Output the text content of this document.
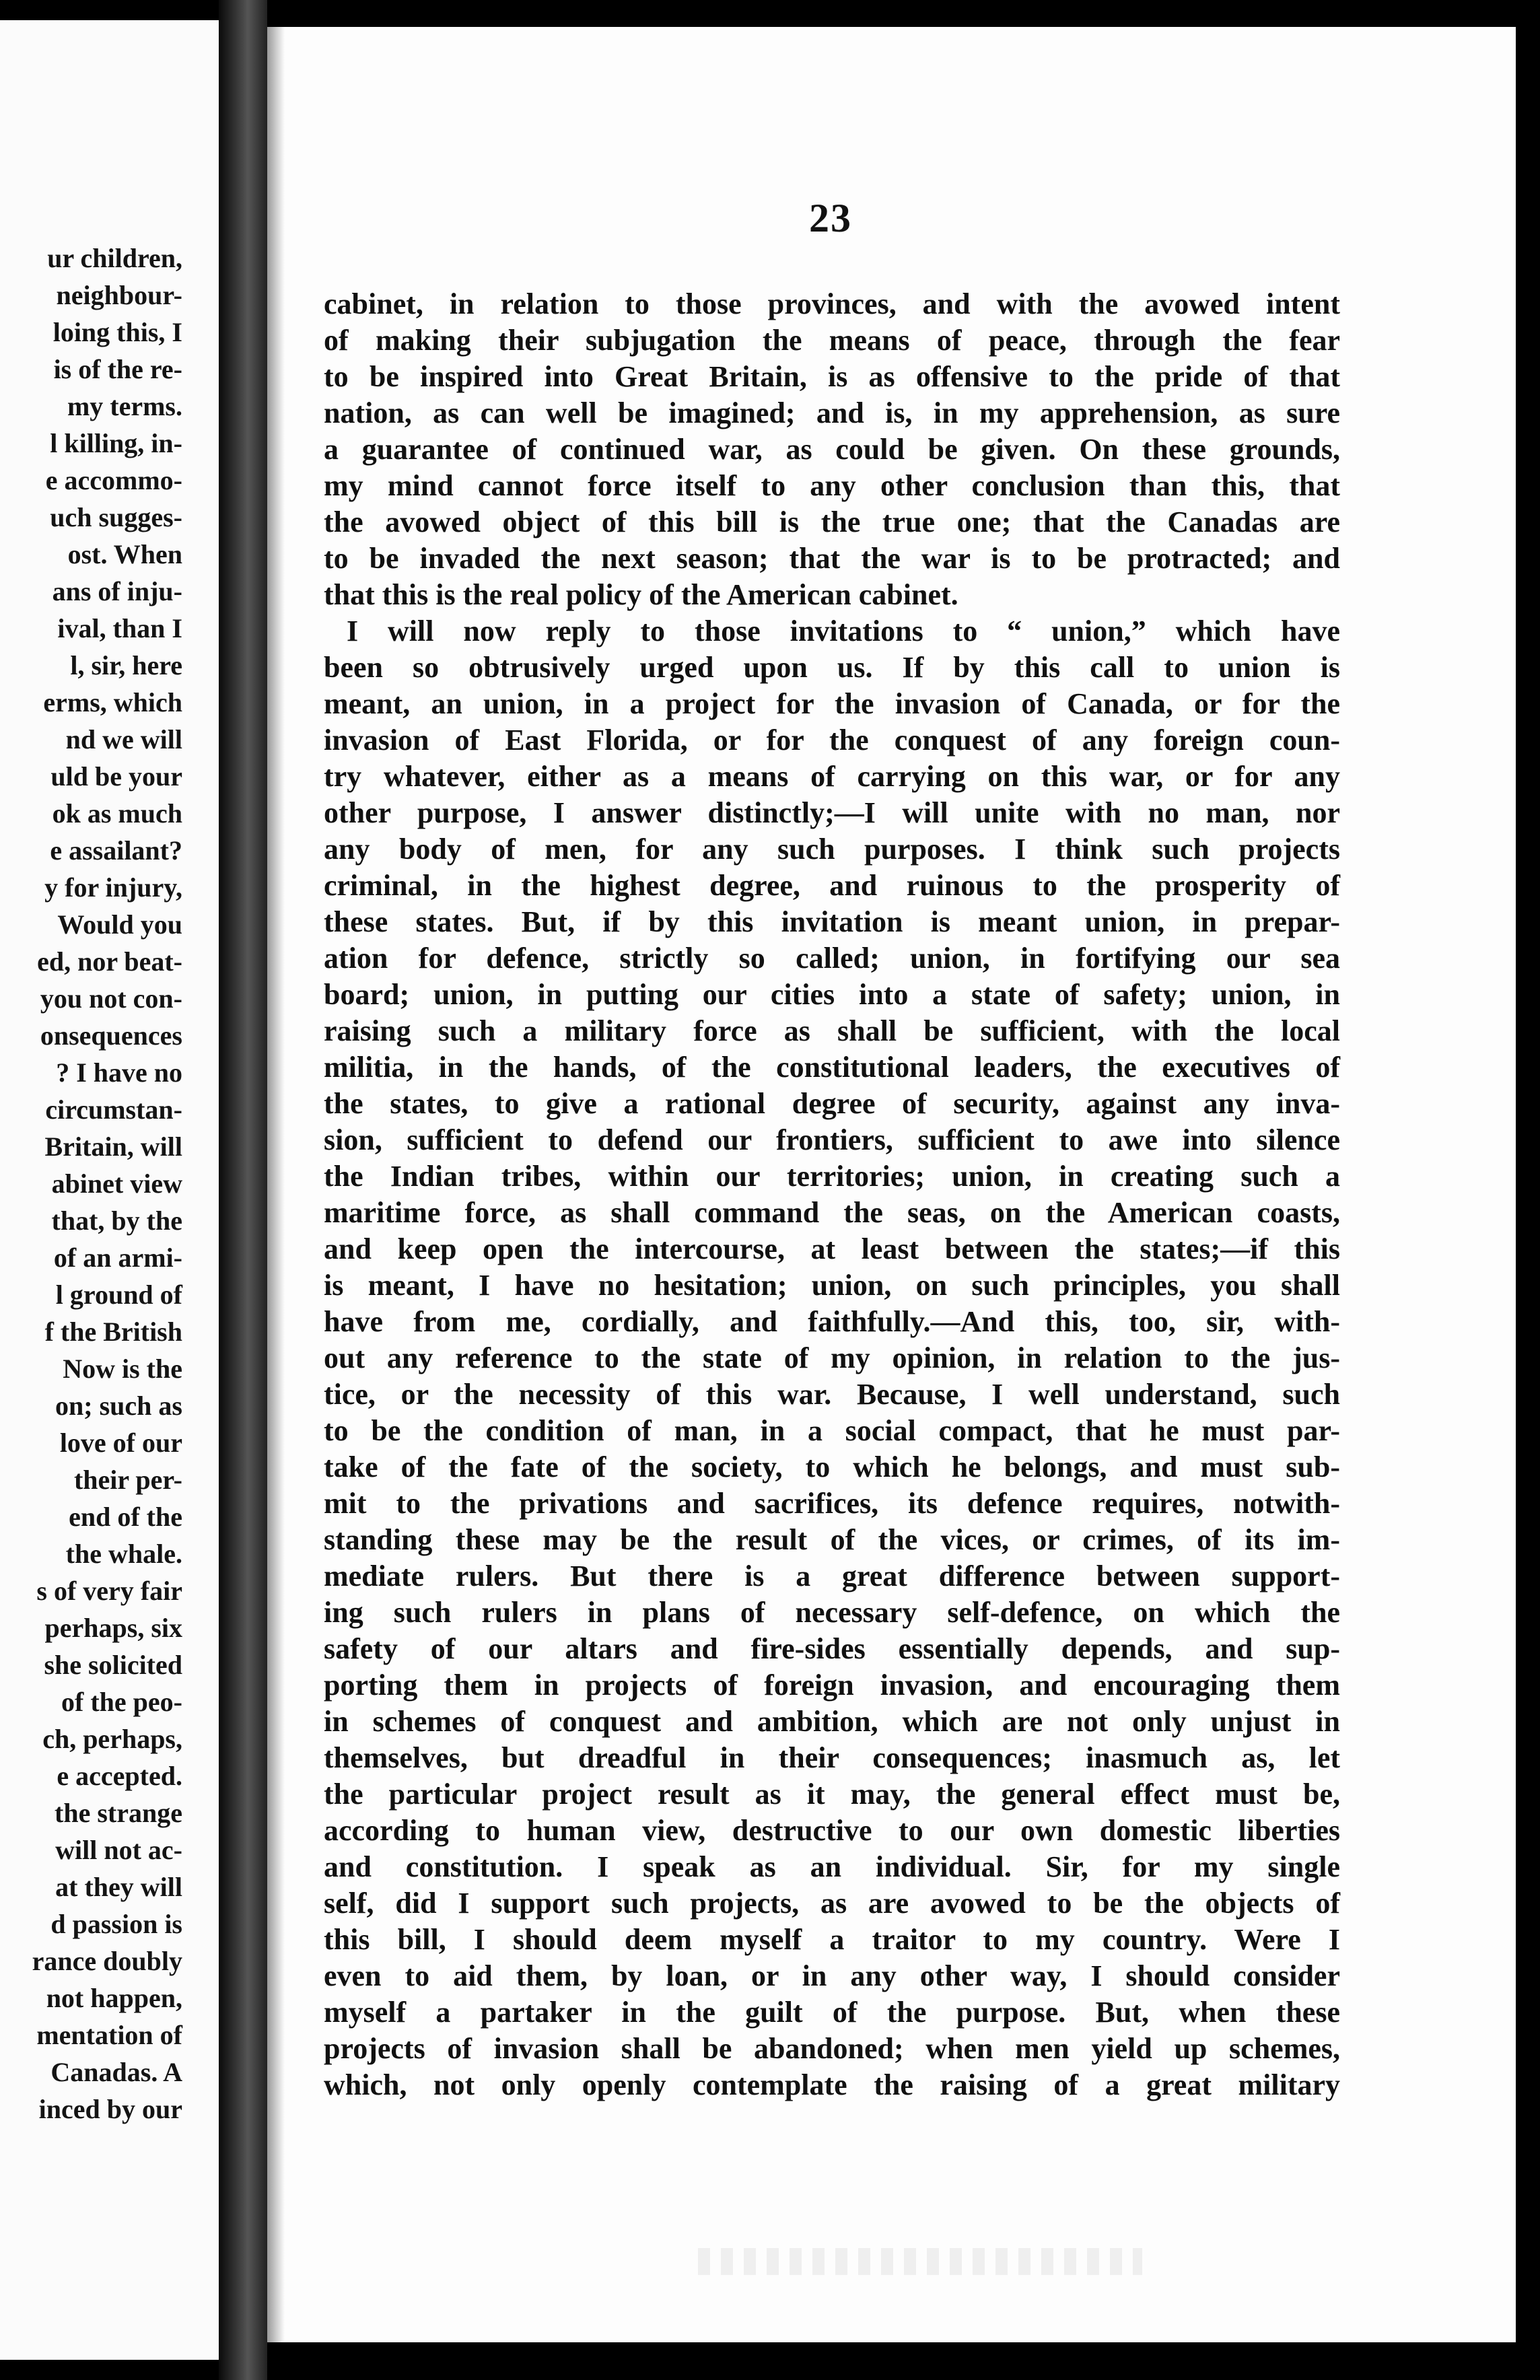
ur children,
neighbour-
loing this, I
is of the re-
my terms.
l killing, in-
e accommo-
uch sugges-
ost. When
ans of inju-
ival, than I
l, sir, here
erms, which
nd we will
uld be your
ok as much
e assailant?
y for injury,
Would you
ed, nor beat-
you not con-
onsequences
? I have no
circumstan-
Britain, will
abinet view
that, by the
of an armi-
l ground of
f the British
Now is the
on; such as
love of our
their per-
end of the
the whale.
s of very fair
perhaps, six
she solicited
of the peo-
ch, perhaps,
e accepted.
the strange
will not ac-
at they will
d passion is
rance doubly
not happen,
mentation of
Canadas. A
inced by our
23
cabinet, in relation to those provinces, and with the avowed intent
of making their subjugation the means of peace, through the fear
to be inspired into Great Britain, is as offensive to the pride of that
nation, as can well be imagined; and is, in my apprehension, as sure
a guarantee of continued war, as could be given. On these grounds,
my mind cannot force itself to any other conclusion than this, that
the avowed object of this bill is the true one; that the Canadas are
to be invaded the next season; that the war is to be protracted; and
that this is the real policy of the American cabinet.
I will now reply to those invitations to “ union,” which have
been so obtrusively urged upon us. If by this call to union is
meant, an union, in a project for the invasion of Canada, or for the
invasion of East Florida, or for the conquest of any foreign coun-
try whatever, either as a means of carrying on this war, or for any
other purpose, I answer distinctly;—I will unite with no man, nor
any body of men, for any such purposes. I think such projects
criminal, in the highest degree, and ruinous to the prosperity of
these states. But, if by this invitation is meant union, in prepar-
ation for defence, strictly so called; union, in fortifying our sea
board; union, in putting our cities into a state of safety; union, in
raising such a military force as shall be sufficient, with the local
militia, in the hands, of the constitutional leaders, the executives of
the states, to give a rational degree of security, against any inva-
sion, sufficient to defend our frontiers, sufficient to awe into silence
the Indian tribes, within our territories; union, in creating such a
maritime force, as shall command the seas, on the American coasts,
and keep open the intercourse, at least between the states;—if this
is meant, I have no hesitation; union, on such principles, you shall
have from me, cordially, and faithfully.—And this, too, sir, with-
out any reference to the state of my opinion, in relation to the jus-
tice, or the necessity of this war. Because, I well understand, such
to be the condition of man, in a social compact, that he must par-
take of the fate of the society, to which he belongs, and must sub-
mit to the privations and sacrifices, its defence requires, notwith-
standing these may be the result of the vices, or crimes, of its im-
mediate rulers. But there is a great difference between support-
ing such rulers in plans of necessary self-defence, on which the
safety of our altars and fire-sides essentially depends, and sup-
porting them in projects of foreign invasion, and encouraging them
in schemes of conquest and ambition, which are not only unjust in
themselves, but dreadful in their consequences; inasmuch as, let
the particular project result as it may, the general effect must be,
according to human view, destructive to our own domestic liberties
and constitution. I speak as an individual. Sir, for my single
self, did I support such projects, as are avowed to be the objects of
this bill, I should deem myself a traitor to my country. Were I
even to aid them, by loan, or in any other way, I should consider
myself a partaker in the guilt of the purpose. But, when these
projects of invasion shall be abandoned; when men yield up schemes,
which, not only openly contemplate the raising of a great military
